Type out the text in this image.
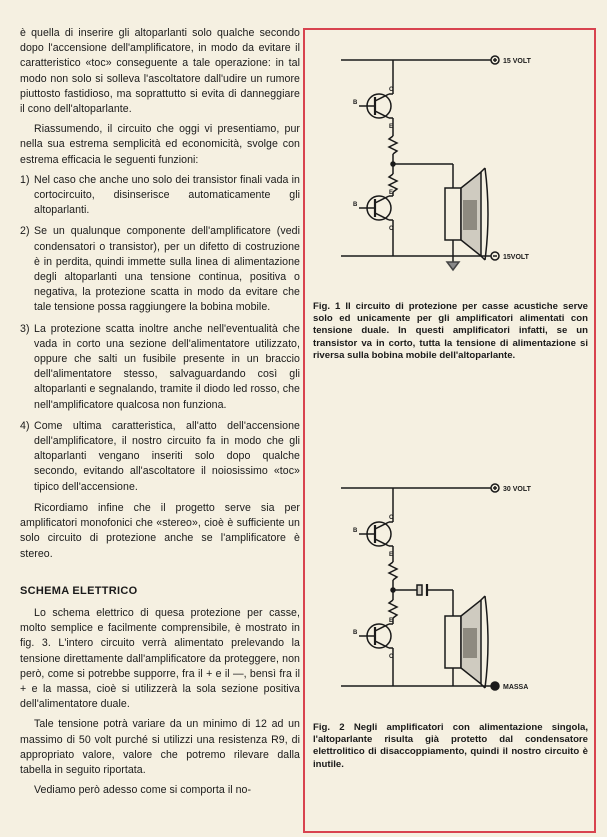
è quella di inserire gli altoparlanti solo qualche secondo dopo l'accensione dell'amplificatore, in modo da evitare il caratteristico «toc» conseguente a tale operazione: in tal modo non solo si solleva l'ascoltatore dall'udire un rumore piuttosto fastidioso, ma soprattutto si evita di danneggiare il cono dell'altoparlante.

Riassumendo, il circuito che oggi vi presentiamo, pur nella sua estrema semplicità ed economicità, svolge con estrema efficacia le seguenti funzioni:

1) Nel caso che anche uno solo dei transistor finali vada in cortocircuito, disinserisce automaticamente gli altoparlanti.
2) Se un qualunque componente dell'amplificatore (vedi condensatori o transistor), per un difetto di costruzione è in perdita, quindi immette sulla linea di alimentazione degli altoparlanti una tensione continua, positiva o negativa, la protezione scatta in modo da evitare che tale tensione possa raggiungere la bobina mobile.
3) La protezione scatta inoltre anche nell'eventualità che vada in corto una sezione dell'alimentatore utilizzato, oppure che salti un fusibile presente in un braccio dell'alimentatore stesso, salvaguardando così gli altoparlanti e segnalando, tramite il diodo led rosso, che nell'amplificatore qualcosa non funziona.
4) Come ultima caratteristica, all'atto dell'accensione dell'amplificatore, il nostro circuito fa in modo che gli altoparlanti vengano inseriti solo dopo qualche secondo, evitando all'ascoltatore il noiosissimo «toc» tipico dell'accensione.

Ricordiamo infine che il progetto serve sia per amplificatori monofonici che «stereo», cioè è sufficiente un solo circuito di protezione anche se l'amplificatore è stereo.

SCHEMA ELETTRICO

Lo schema elettrico di quesa protezione per casse, molto semplice e facilmente comprensibile, è mostrato in fig. 3. L'intero circuito verrà alimentato prelevando la tensione direttamente dall'amplificatore da proteggere, non però, come si potrebbe supporre, fra il + e il —, bensì fra il + e la massa, cioè si utilizzerà la sola sezione positiva dell'alimentatore duale.

Tale tensione potrà variare da un minimo di 12 ad un massimo di 50 volt purché si utilizzi una resistenza R9, di appropriato valore, valore che potremo rilevare dalla tabella in seguito riportata.

Vediamo però adesso come si comporta il no-

15 VOLT
15VOLT
B
C
E
B
E
C
Fig. 1 Il circuito di protezione per casse acustiche serve solo ed unicamente per gli amplificatori alimentati con tensione duale. In questi amplificatori infatti, se un transistor va in corto, tutta la tensione di alimentazione si riversa sulla bobina mobile dell'altoparlante.
30 VOLT
MASSA
B
C
E
B
E
C
Fig. 2 Negli amplificatori con alimentazione singola, l'altoparlante risulta già protetto dal condensatore elettrolitico di disaccoppiamento, quindi il nostro circuito è inutile.
